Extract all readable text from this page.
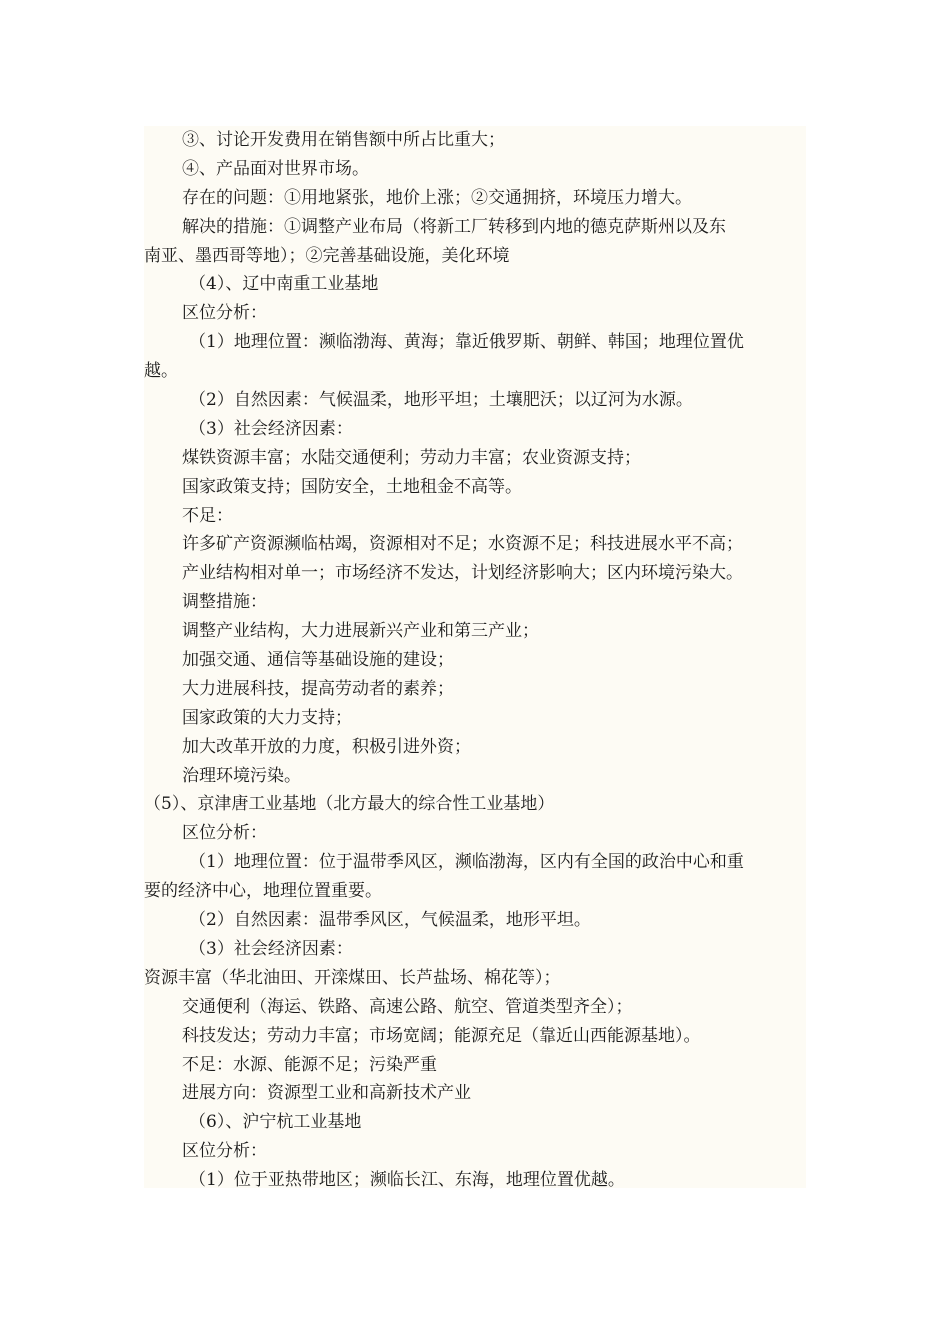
③、讨论开发费用在销售额中所占比重大；
④、产品面对世界市场。
存在的问题：①用地紧张，地价上涨；②交通拥挤，环境压力增大。
解决的措施：①调整产业布局（将新工厂转移到内地的德克萨斯州以及东
南亚、墨西哥等地）；②完善基础设施，美化环境
（4）、辽中南重工业基地
区位分析：
（1）地理位置：濒临渤海、黄海；靠近俄罗斯、朝鲜、韩国；地理位置优
越。
（2）自然因素：气候温柔，地形平坦；土壤肥沃；以辽河为水源。
（3）社会经济因素：
煤铁资源丰富；水陆交通便利；劳动力丰富；农业资源支持；
国家政策支持；国防安全，土地租金不高等。
不足：
许多矿产资源濒临枯竭，资源相对不足；水资源不足；科技进展水平不高；
产业结构相对单一；市场经济不发达，计划经济影响大；区内环境污染大。
调整措施：
调整产业结构，大力进展新兴产业和第三产业；
加强交通、通信等基础设施的建设；
大力进展科技，提高劳动者的素养；
国家政策的大力支持；
加大改革开放的力度，积极引进外资；
治理环境污染。
（5）、京津唐工业基地（北方最大的综合性工业基地）
区位分析：
（1）地理位置：位于温带季风区，濒临渤海，区内有全国的政治中心和重
要的经济中心，地理位置重要。
（2）自然因素：温带季风区，气候温柔，地形平坦。
（3）社会经济因素：
资源丰富（华北油田、开滦煤田、长芦盐场、棉花等）；
交通便利（海运、铁路、高速公路、航空、管道类型齐全）；
科技发达；劳动力丰富；市场宽阔；能源充足（靠近山西能源基地）。
不足：水源、能源不足；污染严重
进展方向：资源型工业和高新技术产业
（6）、沪宁杭工业基地
区位分析：
（1）位于亚热带地区；濒临长江、东海，地理位置优越。
